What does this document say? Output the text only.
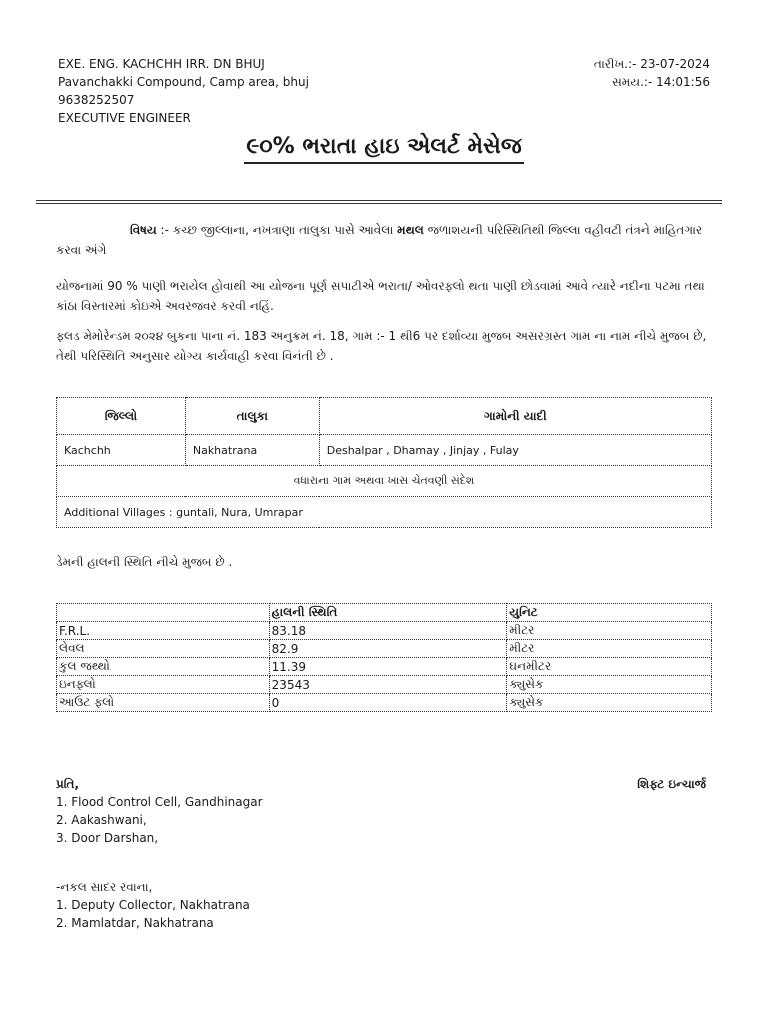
EXE. ENG. KACHCHH IRR. DN BHUJ
Pavanchakki Compound, Camp area, bhuj
9638252507
EXECUTIVE ENGINEER
તારીખ.:- 23-07-2024
સમય.:- 14:01:56
૯૦% ભરાતા હાઇ એલર્ટ મેસેજ
વિષય :- કચ્છ જીલ્લાના, નખત્રાણા તાલુકા પાસે આવેલા મથલ જળાશયની પરિસ્થિતિથી જિલ્લા વહીવટી તંત્રને માહિતગાર કરવા અંગે
યોજનામાં 90 % પાણી ભરાયેલ હોવાથી આ યોજના પૂર્ણ સપાટીએ ભરાતા/ ઓવરફ્લો થતા પાણી છોડવામાં આવે ત્યારે નદીના પટમા તથા કાંઠા વિસ્તારમાં કોઇએ અવરજવર કરવી નહિં.
ફ્લડ મેમોરેન્ડમ ૨૦૨૪ બુકના પાના નં. 183 અનુક્રમ નં. 18, ગામ :- 1 થી6 પર દર્શાવ્યા મુજબ અસરગ્રસ્ત ગામ ના નામ નીચે મુજબ છે, તેથી પરિસ્થિતિ અનુસાર યોગ્ય કાર્યવાહી કરવા વિનંતી છે .
જિલ્લો	તાલુકા	ગામોની યાદી
Kachchh	Nakhatrana	Deshalpar , Dhamay , Jinjay , Fulay
વધારાના ગામ અથવા ખાસ ચેતવણી સંદેશ		
Additional Villages : guntali, Nura, Umrapar		
ડેમની હાલની સ્થિતિ નીચે મુજબ છે .
	હાલની સ્થિતિ	યુનિટ
F.R.L.	83.18	મીટર
લેવલ	82.9	મીટર
કુલ જથ્થો	11.39	ઘનમીટર
ઇનફ્લો	23543	ક્યુસેક
આઉટ ફ્લો	0	ક્યુસેક
પ્રતિ,
1. Flood Control Cell, Gandhinagar
2. Aakashwani,
3. Door Darshan,
શિફ્ટ ઇન્ચાર્જ
-નકલ સાદર રવાના,
1. Deputy Collector, Nakhatrana
2. Mamlatdar, Nakhatrana
